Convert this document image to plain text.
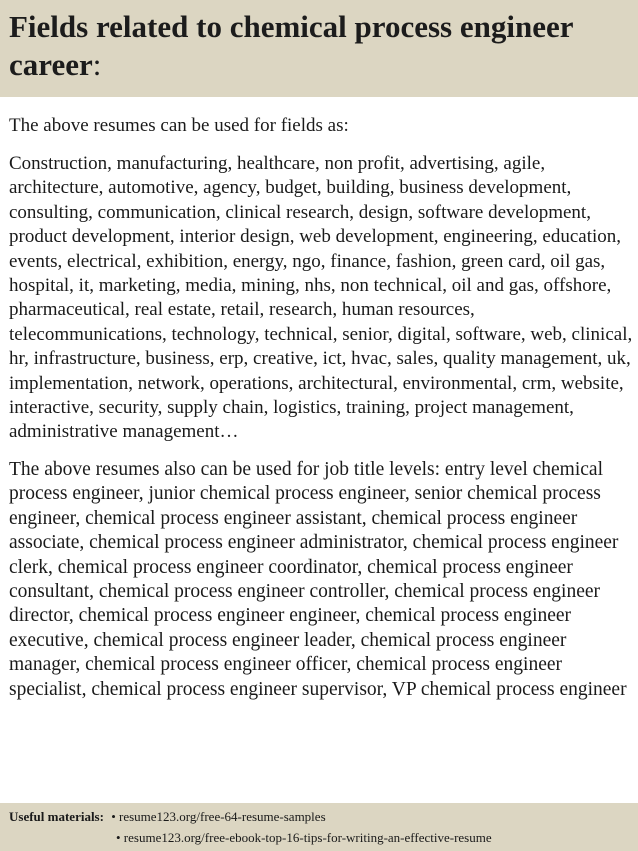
Fields related to chemical process engineer career:

The above resumes can be used for fields as:

Construction, manufacturing, healthcare, non profit, advertising, agile, architecture, automotive, agency, budget, building, business development, consulting, communication, clinical research, design, software development, product development, interior design, web development, engineering, education, events, electrical, exhibition, energy, ngo, finance, fashion, green card, oil gas, hospital, it, marketing, media, mining, nhs, non technical, oil and gas, offshore, pharmaceutical, real estate, retail, research, human resources, telecommunications, technology, technical, senior, digital, software, web, clinical, hr, infrastructure, business, erp, creative, ict, hvac, sales, quality management, uk, implementation, network, operations, architectural, environmental, crm, website, interactive, security, supply chain, logistics, training, project management, administrative management…

The above resumes also can be used for job title levels: entry level chemical process engineer, junior chemical process engineer, senior chemical process engineer, chemical process engineer assistant, chemical process engineer associate, chemical process engineer administrator, chemical process engineer clerk, chemical process engineer coordinator, chemical process engineer consultant, chemical process engineer controller, chemical process engineer director, chemical process engineer engineer, chemical process engineer executive, chemical process engineer leader, chemical process engineer manager, chemical process engineer officer, chemical process engineer specialist, chemical process engineer supervisor, VP chemical process engineer

Useful materials: • resume123.org/free-64-resume-samples
• resume123.org/free-ebook-top-16-tips-for-writing-an-effective-resume
